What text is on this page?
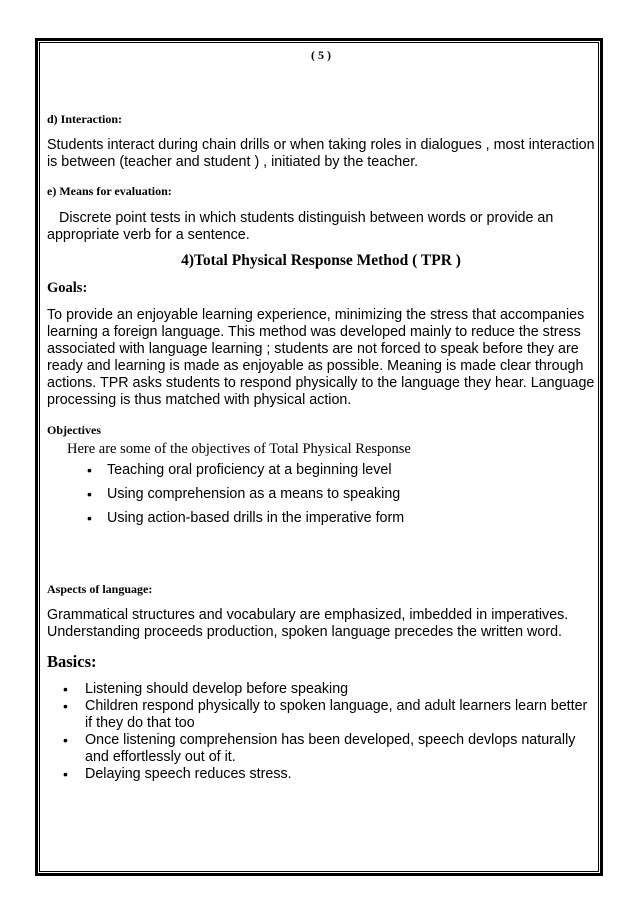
( 5 )
d) Interaction:
Students interact during chain drills or when taking roles in dialogues , most interaction is between (teacher and student ) , initiated by the teacher.
e) Means for evaluation:
Discrete point tests in which students distinguish between words or provide an appropriate verb for a sentence.
4)Total Physical Response Method ( TPR )
Goals:
To provide an enjoyable learning experience, minimizing the stress that accompanies learning a foreign language. This method was developed mainly to reduce the stress associated with language learning ; students are not forced to speak before they are ready and learning is made as enjoyable as possible. Meaning is made clear through actions. TPR asks students to respond physically to the language they hear. Language processing is thus matched with physical action.
Objectives
Here are some of the objectives of Total Physical Response
• Teaching oral proficiency at a beginning level
• Using comprehension as a means to speaking
• Using action-based drills in the imperative form
Aspects of language:
Grammatical structures and vocabulary are emphasized, imbedded in imperatives. Understanding proceeds production, spoken language precedes the written word.
Basics:
• Listening should develop before speaking
• Children respond physically to spoken language, and adult learners learn better if they do that too
• Once listening comprehension has been developed, speech devlops naturally and effortlessly out of it.
• Delaying speech reduces stress.
